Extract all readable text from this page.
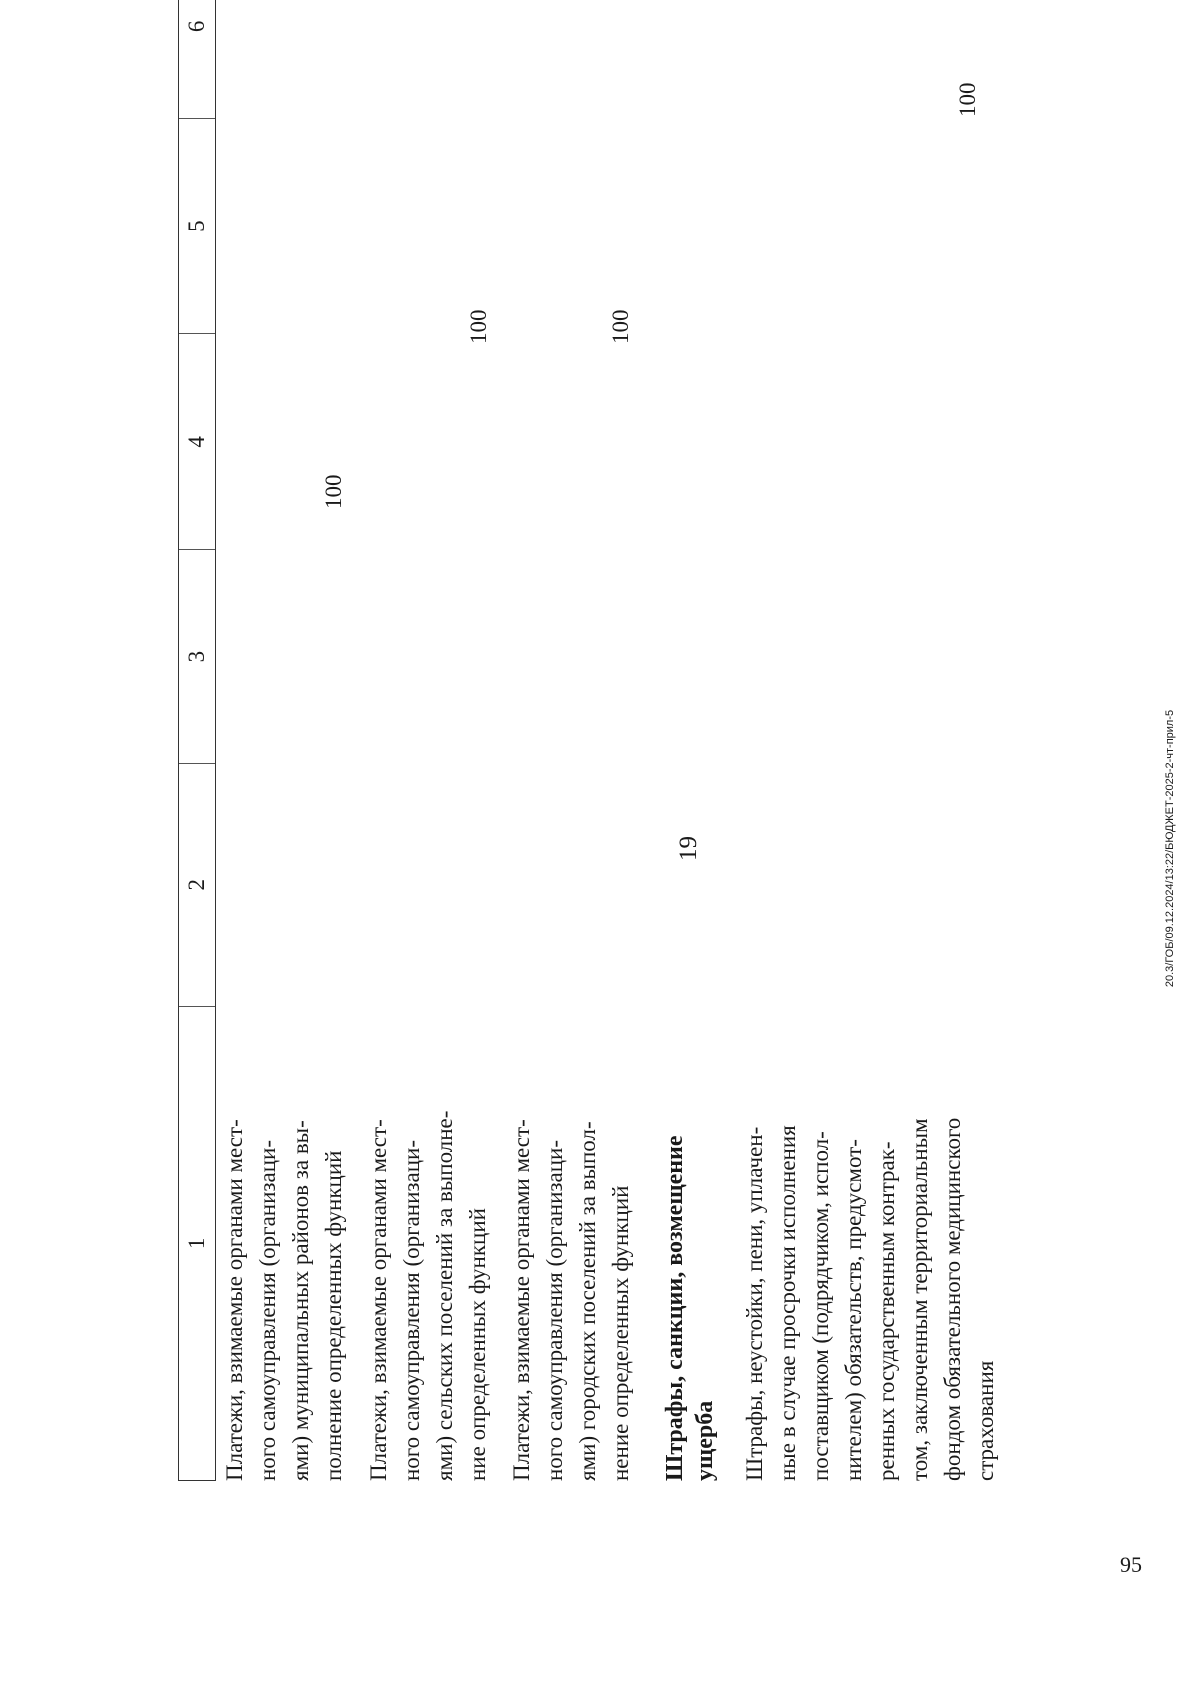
19
1
2
3
4
5
6
Платежи, взимаемые органами мест- ного самоуправления (организаци- ями) муниципальных районов за вы- полнение определенных функций
100
Платежи, взимаемые органами мест- ного самоуправления (организаци- ями) сельских поселений за выполне- ние определенных функций
100
Платежи, взимаемые органами мест- ного самоуправления (организаци- ями) городских поселений за выпол- нение определенных функций
100
Штрафы, санкции, возмещение ущерба Штрафы, неустойки, пени, уплачен- ные в случае просрочки исполнения поставщиком (подрядчиком, испол- нителем) обязательств, предусмот- ренных государственным контрак- том, заключенным территориальным фондом обязательного медицинского страхования
100
20.3/ГОБ/09.12.2024/13:22/БЮДЖЕТ-2025-2-чт-прил-5
95
